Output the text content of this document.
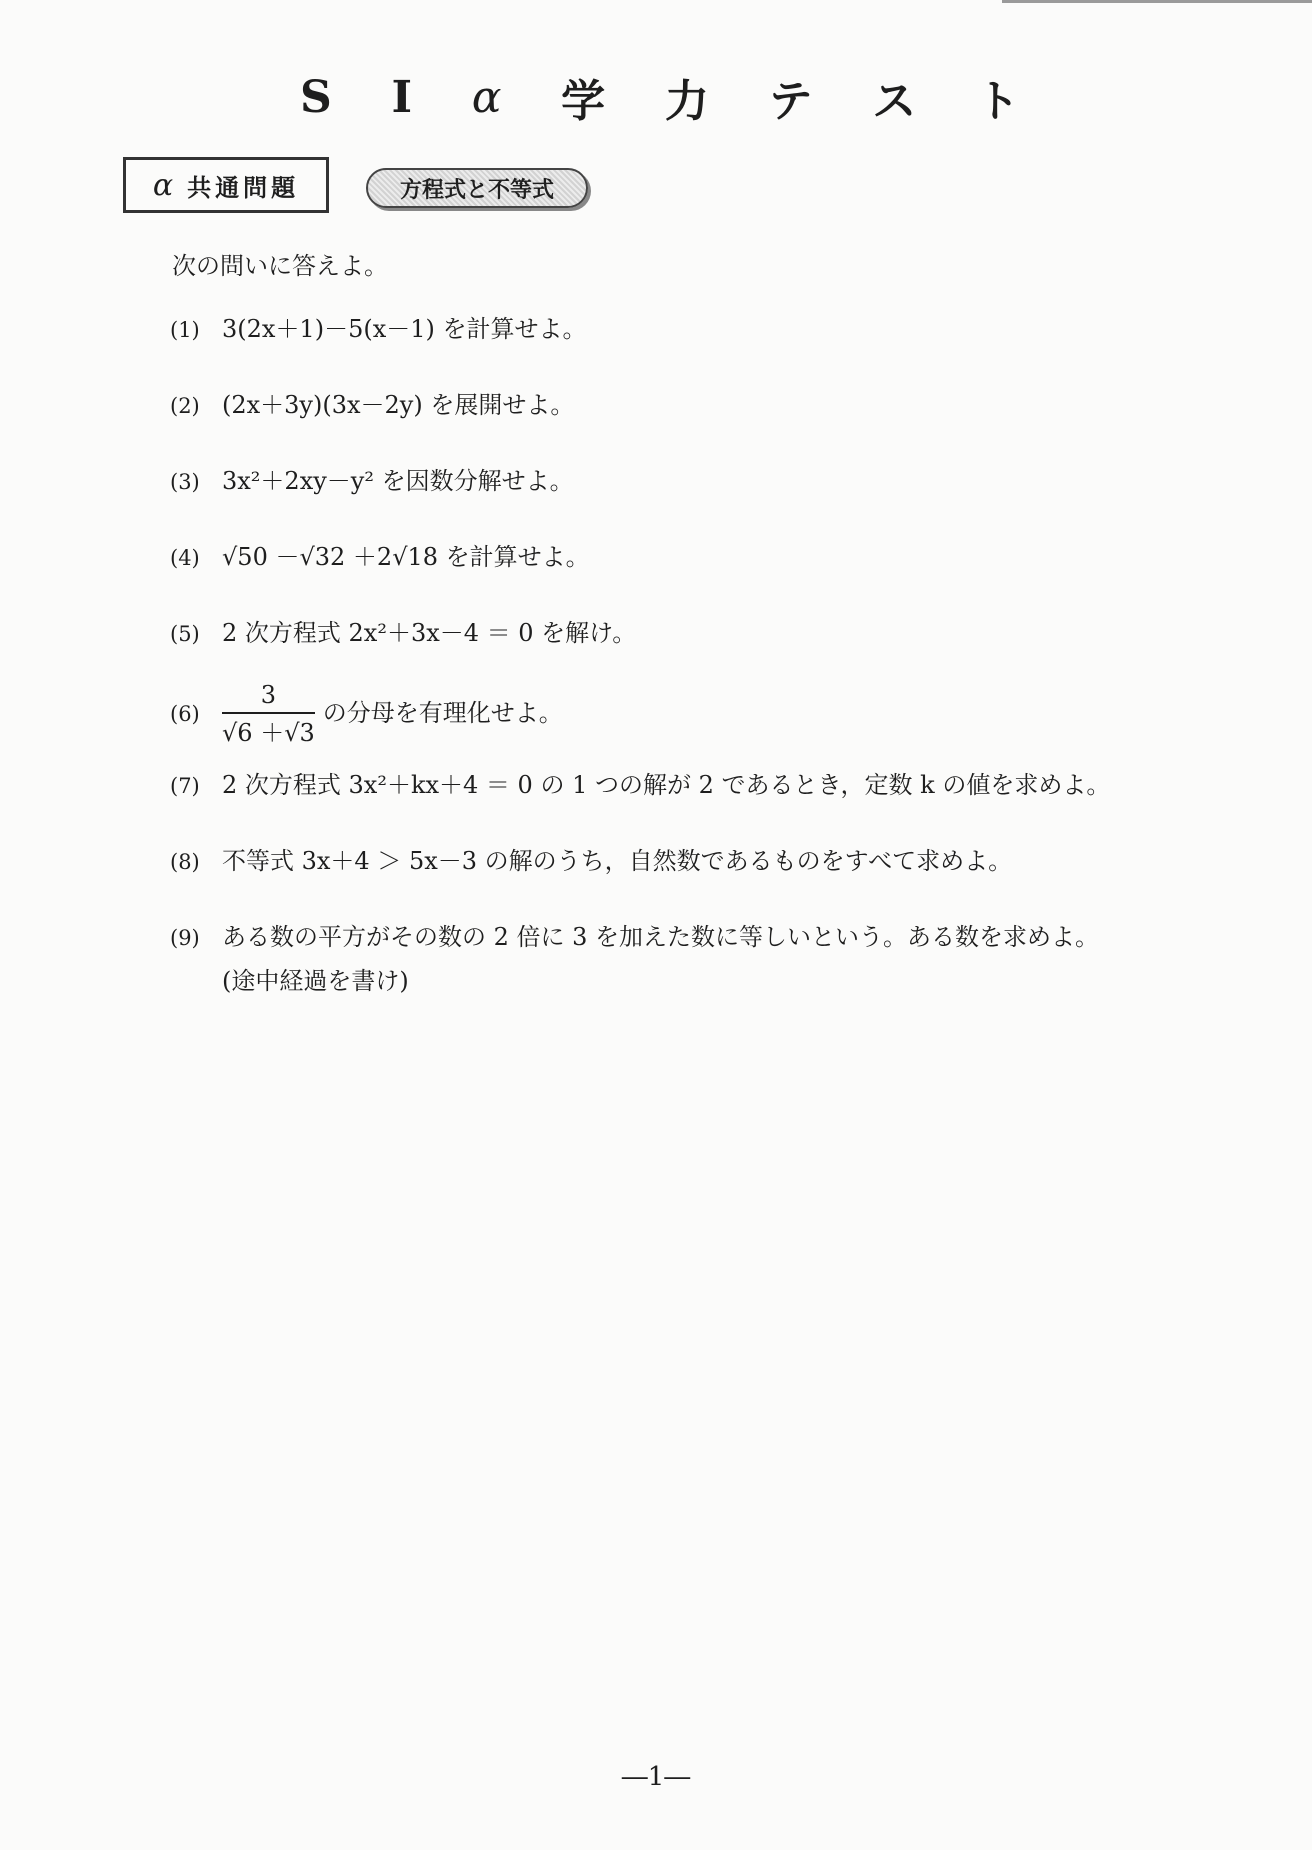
S I α 学 力 テ ス ト
α 共通問題	方程式と不等式
次の問いに答えよ。
(1) 3(2x＋1)－5(x－1) を計算せよ。
(2) (2x＋3y)(3x－2y) を展開せよ。
(3) 3x²＋2xy－y² を因数分解せよ。
(4) √50 －√32 ＋2√18 を計算せよ。
(5) 2 次方程式 2x²＋3x－4 ＝ 0 を解け。
$(6) \frac{3}{√6 +√3}$ の分母を有理化せよ。
(7) 2 次方程式 3x²＋kx＋4 ＝ 0 の 1 つの解が 2 であるとき，定数 k の値を求めよ。
(8) 不等式 3x＋4 ＞ 5x－3 の解のうち，自然数であるものをすべて求めよ。
(9) ある数の平方がその数の 2 倍に 3 を加えた数に等しいという。ある数を求めよ。
(途中経過を書け)
―1―
